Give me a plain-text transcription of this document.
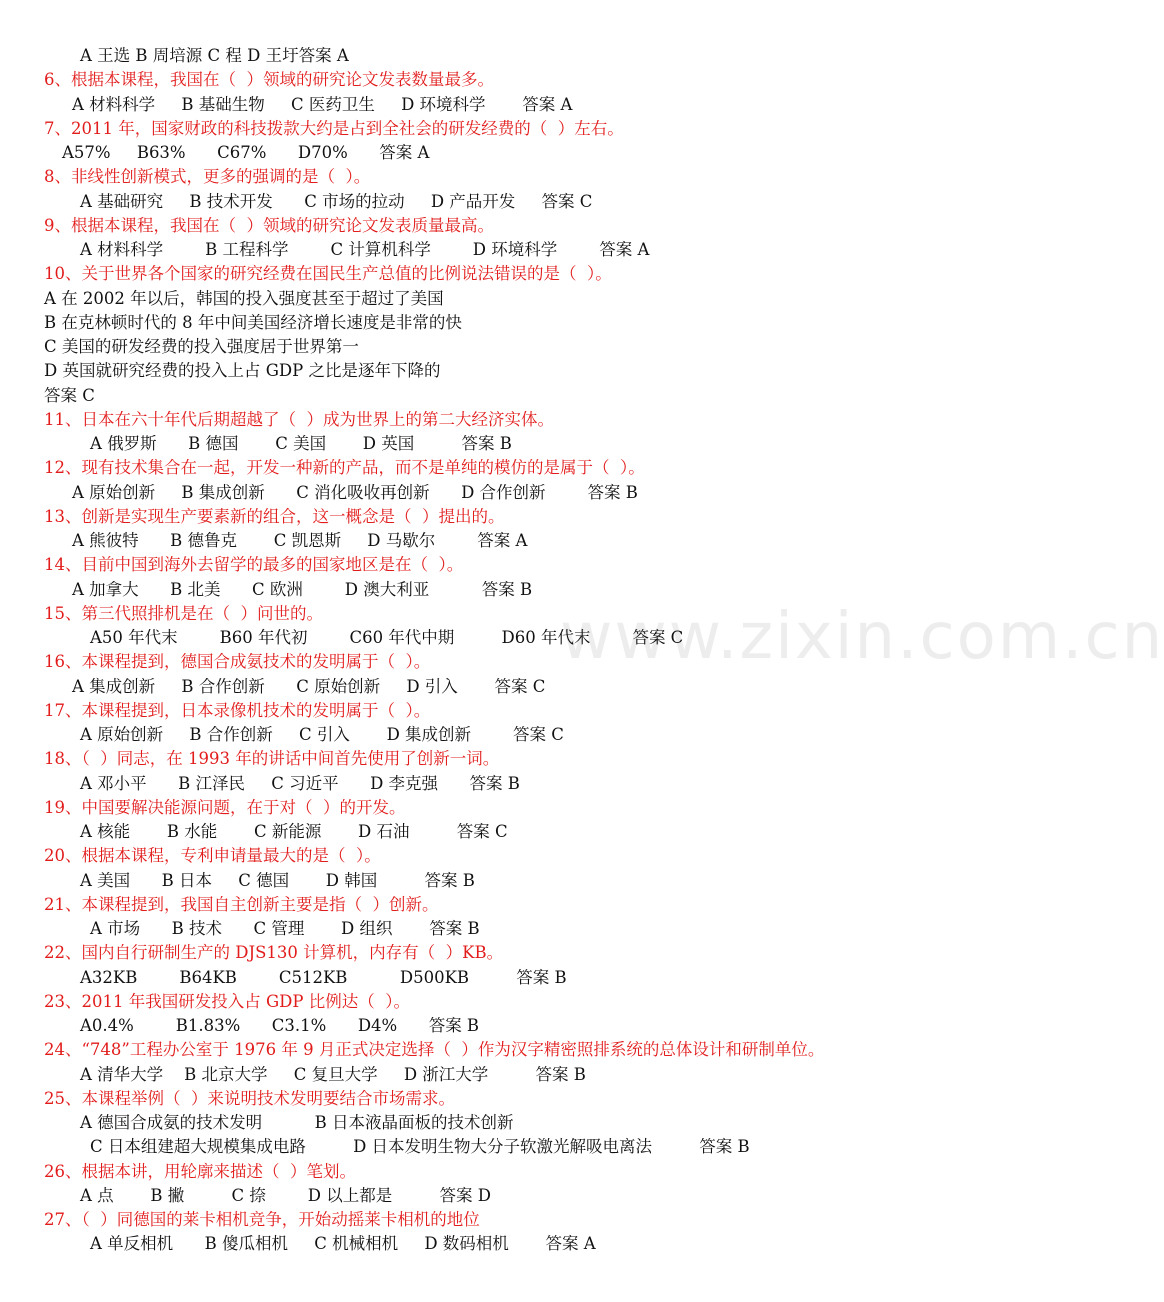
www.zixin.com.cn
A 王选 B 周培源 C 程 D 王圩答案 A
6、根据本课程，我国在（  ）领域的研究论文发表数量最多。
A 材料科学     B 基础生物     C 医药卫生     D 环境科学       答案 A
7、2011 年，国家财政的科技拨款大约是占到全社会的研发经费的（  ）左右。
A57%     B63%      C67%      D70%      答案 A
8、非线性创新模式，更多的强调的是（  ）。
A 基础研究     B 技术开发      C 市场的拉动     D 产品开发     答案 C
9、根据本课程，我国在（  ）领域的研究论文发表质量最高。
A 材料科学        B 工程科学        C 计算机科学        D 环境科学        答案 A
10、关于世界各个国家的研究经费在国民生产总值的比例说法错误的是（  ）。
A 在 2002 年以后，韩国的投入强度甚至于超过了美国
B 在克林顿时代的 8 年中间美国经济增长速度是非常的快
C 美国的研发经费的投入强度居于世界第一
D 英国就研究经费的投入上占 GDP 之比是逐年下降的
答案 C
11、日本在六十年代后期超越了（  ）成为世界上的第二大经济实体。
A 俄罗斯      B 德国       C 美国       D 英国         答案 B
12、现有技术集合在一起，开发一种新的产品，而不是单纯的模仿的是属于（  ）。
A 原始创新     B 集成创新      C 消化吸收再创新      D 合作创新        答案 B
13、创新是实现生产要素新的组合，这一概念是（  ）提出的。
A 熊彼特      B 德鲁克       C 凯恩斯     D 马歇尔        答案 A
14、目前中国到海外去留学的最多的国家地区是在（  ）。
A 加拿大      B 北美      C 欧洲        D 澳大利亚          答案 B
15、第三代照排机是在（  ）问世的。
A50 年代末        B60 年代初        C60 年代中期         D60 年代末        答案 C
16、本课程提到，德国合成氨技术的发明属于（  ）。
A 集成创新     B 合作创新      C 原始创新     D 引入       答案 C
17、本课程提到，日本录像机技术的发明属于（  ）。
A 原始创新     B 合作创新     C 引入       D 集成创新        答案 C
18、（  ）同志，在 1993 年的讲话中间首先使用了创新一词。
A 邓小平      B 江泽民     C 习近平      D 李克强      答案 B
19、中国要解决能源问题，在于对（  ）的开发。
A 核能       B 水能       C 新能源       D 石油         答案 C
20、根据本课程，专利申请量最大的是（  ）。
A 美国      B 日本     C 德国       D 韩国         答案 B
21、本课程提到，我国自主创新主要是指（  ）创新。
A 市场      B 技术      C 管理       D 组织       答案 B
22、国内自行研制生产的 DJS130 计算机，内存有（  ）KB。
A32KB        B64KB        C512KB          D500KB         答案 B
23、2011 年我国研发投入占 GDP 比例达（  ）。
A0.4%        B1.83%      C3.1%      D4%      答案 B
24、“748”工程办公室于 1976 年 9 月正式决定选择（  ）作为汉字精密照排系统的总体设计和研制单位。
A 清华大学    B 北京大学     C 复旦大学     D 浙江大学         答案 B
25、本课程举例（  ）来说明技术发明要结合市场需求。
A 德国合成氨的技术发明          B 日本液晶面板的技术创新
C 日本组建超大规模集成电路         D 日本发明生物大分子软激光解吸电离法         答案 B
26、根据本讲，用轮廓来描述（  ）笔划。
A 点       B 撇         C 捺        D 以上都是         答案 D
27、（  ）同德国的莱卡相机竞争，开始动摇莱卡相机的地位
A 单反相机      B 傻瓜相机     C 机械相机     D 数码相机       答案 A
